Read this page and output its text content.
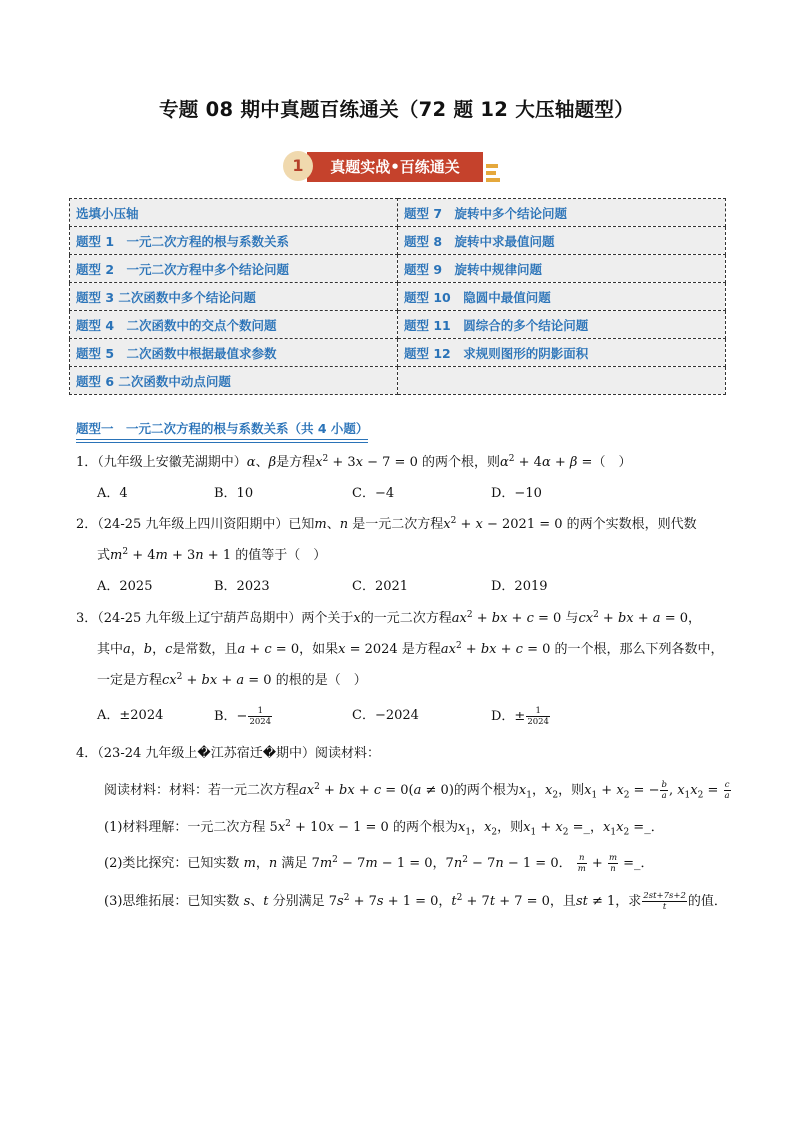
专题 08 期中真题百练通关（72 题 12 大压轴题型）
真题实战•百练通关
1
选填小压轴	题型 7　旋转中多个结论问题
题型 1　一元二次方程的根与系数关系	题型 8　旋转中求最值问题
题型 2　一元二次方程中多个结论问题	题型 9　旋转中规律问题
题型 3 二次函数中多个结论问题	题型 10　隐圆中最值问题
题型 4　二次函数中的交点个数问题	题型 11　圆综合的多个结论问题
题型 5　二次函数中根据最值求参数	题型 12　求规则图形的阴影面积
题型 6 二次函数中动点问题	
题型一　一元二次方程的根与系数关系（共 4 小题）
1．（九年级上安徽芜湖期中）α、β是方程$x^2 + 3x - 7 = 0$ 的两个根，则$\alpha^2 + 4\alpha + \beta$ =（　）
A．4	B．10	C．−4	D．−10
2．（24-25 九年级上四川资阳期中）已知m、n 是一元二次方程$x^2 + x - 2021 = 0$ 的两个实数根，则代数
式$m^2 + 4m + 3n + 1$ 的值等于（　）
A．2025	B．2023	C．2021	D．2019
3．（24-25 九年级上辽宁葫芦岛期中）两个关于x的一元二次方程$ax^2$ + bx + c = 0 与$cx^2$ + bx + a = 0，
其中a，b，c是常数，且a + c = 0，如果x = 2024 是方程$ax^2$ + bx + c = 0 的一个根，那么下列各数中，
一定是方程$cx^2$ + bx + a = 0 的根的是（　）
A．±2024	B．− $\frac{1}{2024}$	C．−2024	D．± $\frac{1}{2024}$
4．（23-24 九年级上�江苏宿迁�期中）阅读材料：
阅读材料：材料：若一元二次方程$ax^2$ + bx + c = 0(a ≠ 0)的两个根为$x_1$，$x_2$，则$x_1 + x_2$ = − $\frac{b}{a}$ , $x_1x_2 = \frac{c}{a}$
(1)材料理解：一元二次方程 $5x^2 + 10x - 1 = 0$ 的两个根为$x_1$，$x_2$，则$x_1 + x_2$ =_，$x_1x_2$ =_．
(2)类比探究：已知实数 m，n 满足 $7m^2 - 7m - 1 = 0$，$7n^2 - 7n - 1 = 0$． $\frac{n}{m} + \frac{m}{n}$ =_．
(3)思维拓展：已知实数 s、t 分别满足 $7s^2 + 7s + 1 = 0$，$t^2 + 7t + 7 = 0$，且st ≠ 1，求 $\frac{2st+7s+2}{t}$ 的值．
